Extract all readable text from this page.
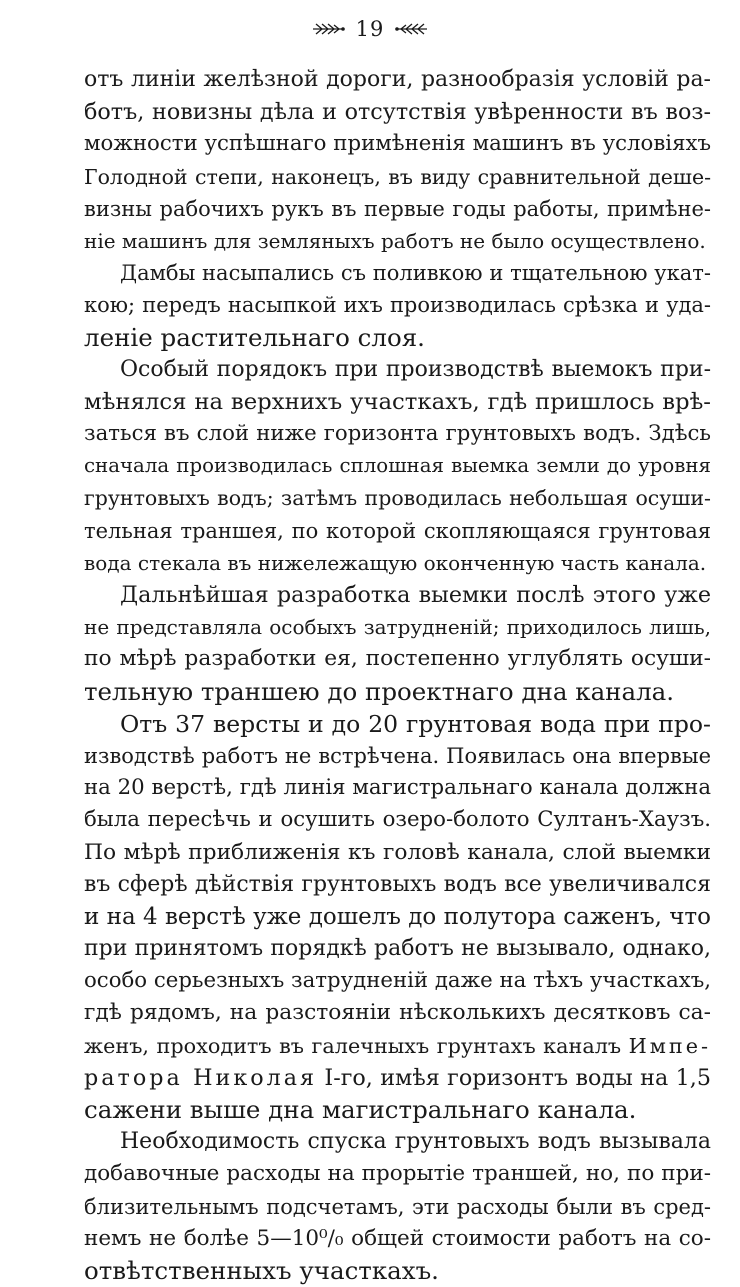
19
отъ линіи желѣзной дороги, разнообразія условій ра-
ботъ, новизны дѣла и отсутствія увѣренности въ воз-
можности успѣшнаго примѣненія машинъ въ условіяхъ
Голодной степи, наконецъ, въ виду сравнительной деше-
визны рабочихъ рукъ въ первые годы работы, примѣне-
ніе машинъ для земляныхъ работъ не было осуществлено.
Дамбы насыпались съ поливкою и тщательною укат-
кою; передъ насыпкой ихъ производилась срѣзка и уда-
леніе растительнаго слоя.
Особый порядокъ при производствѣ выемокъ при-
мѣнялся на верхнихъ участкахъ, гдѣ пришлось врѣ-
заться въ слой ниже горизонта грунтовыхъ водъ. Здѣсь
сначала производилась сплошная выемка земли до уровня
грунтовыхъ водъ; затѣмъ проводилась небольшая осуши-
тельная траншея, по которой скопляющаяся грунтовая
вода стекала въ нижележащую оконченную часть канала.
Дальнѣйшая разработка выемки послѣ этого уже
не представляла особыхъ затрудненій; приходилось лишь,
по мѣрѣ разработки ея, постепенно углублять осуши-
тельную траншею до проектнаго дна канала.
Отъ 37 версты и до 20 грунтовая вода при про-
изводствѣ работъ не встрѣчена. Появилась она впервые
на 20 верстѣ, гдѣ линія магистральнаго канала должна
была пересѣчь и осушить озеро-болото Султанъ-Хаузъ.
По мѣрѣ приближенія къ головѣ канала, слой выемки
въ сферѣ дѣйствія грунтовыхъ водъ все увеличивался
и на 4 верстѣ уже дошелъ до полутора саженъ, что
при принятомъ порядкѣ работъ не вызывало, однако,
особо серьезныхъ затрудненій даже на тѣхъ участкахъ,
гдѣ рядомъ, на разстояніи нѣсколькихъ десятковъ са-
женъ, проходитъ въ галечныхъ грунтахъ каналъ Импе-
ратора Николая I-го, имѣя горизонтъ воды на 1,5
сажени выше дна магистральнаго канала.
Необходимость спуска грунтовыхъ водъ вызывала
добавочные расходы на прорытіе траншей, но, по при-
близительнымъ подсчетамъ, эти расходы были въ сред-
немъ не болѣе 5—10⁰/₀ общей стоимости работъ на со-
отвѣтственныхъ участкахъ.
